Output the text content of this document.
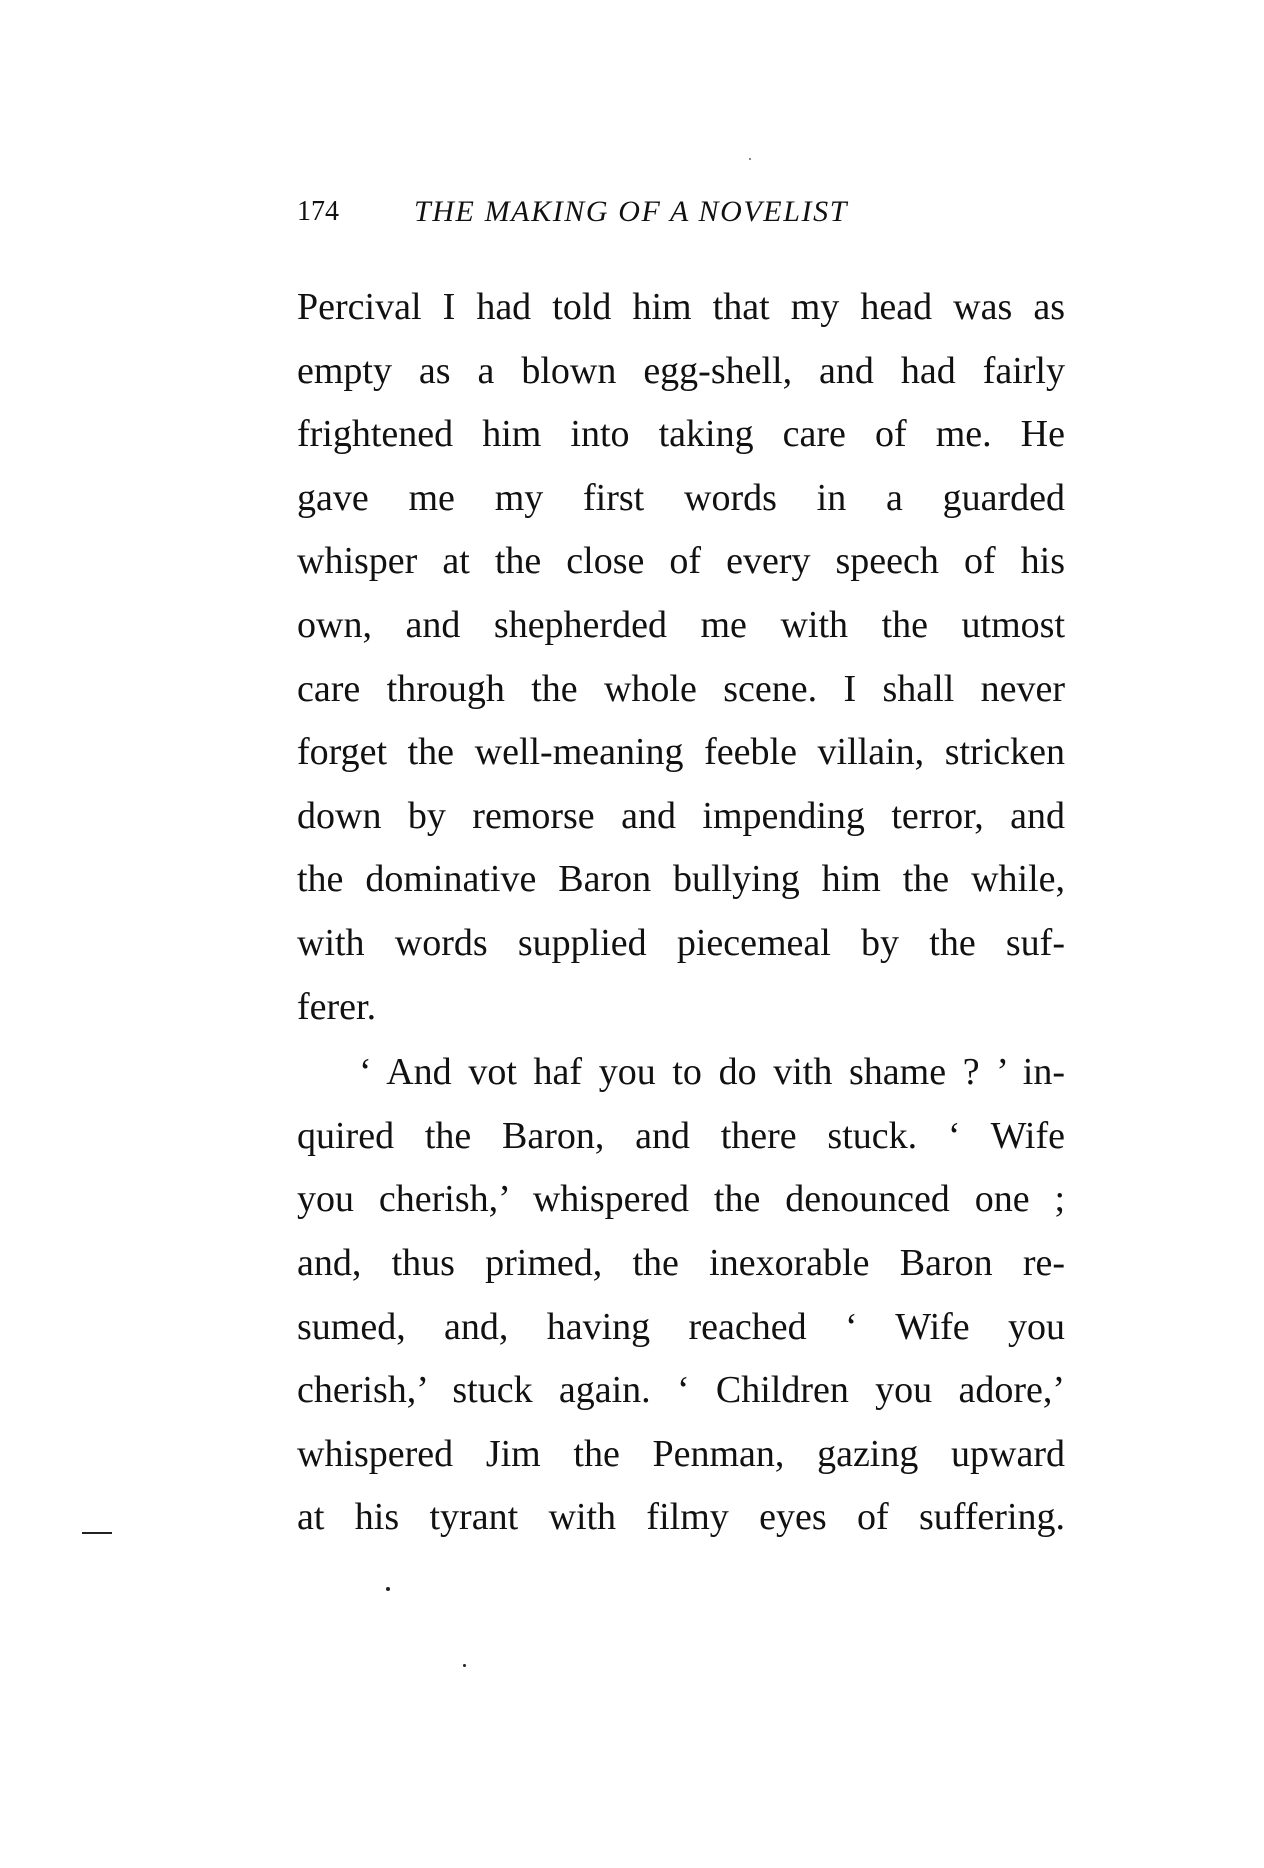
174	THE MAKING OF A NOVELIST
Percival I had told him that my head was as
empty as a blown egg-shell, and had fairly
frightened him into taking care of me. He
gave me my first words in a guarded
whisper at the close of every speech of his
own, and shepherded me with the utmost
care through the whole scene. I shall never
forget the well-meaning feeble villain, stricken
down by remorse and impending terror, and
the dominative Baron bullying him the while,
with words supplied piecemeal by the suf-
ferer.
‘ And vot haf you to do vith shame ? ’ in-
quired the Baron, and there stuck. ‘ Wife
you cherish,’ whispered the denounced one ;
and, thus primed, the inexorable Baron re-
sumed, and, having reached ‘ Wife you
cherish,’ stuck again. ‘ Children you adore,’
whispered Jim the Penman, gazing upward
at his tyrant with filmy eyes of suffering.
